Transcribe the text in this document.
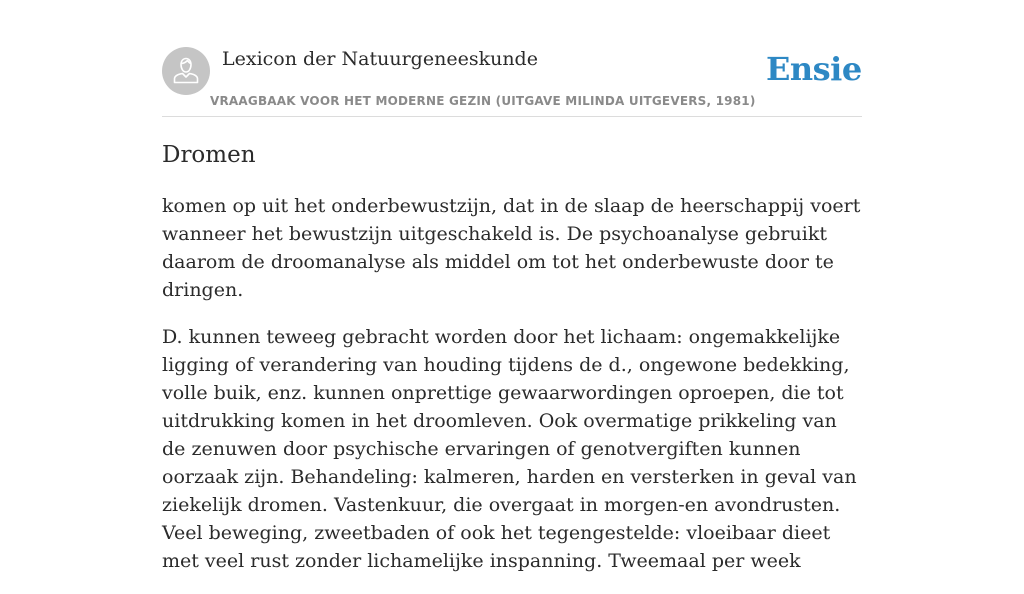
Lexicon der Natuurgeneeskunde
VRAAGBAAK VOOR HET MODERNE GEZIN (UITGAVE MILINDA UITGEVERS, 1981)
Ensie
Dromen

komen op uit het onderbewustzijn, dat in de slaap de heerschappij voert wanneer het bewustzijn uitgeschakeld is. De psychoanalyse gebruikt daarom de droomanalyse als middel om tot het onderbewuste door te dringen.

D. kunnen teweeg gebracht worden door het lichaam: ongemakkelijke ligging of verandering van houding tijdens de d., ongewone bedekking, volle buik, enz. kunnen onprettige gewaarwordingen oproepen, die tot uitdrukking komen in het droomleven. Ook overmatige prikkeling van de zenuwen door psychische ervaringen of genotvergiften kunnen oorzaak zijn. Behandeling: kalmeren, harden en versterken in geval van ziekelijk dromen. Vastenkuur, die overgaat in morgen-en avondrusten. Veel beweging, zweetbaden of ook het tegengestelde: vloeibaar dieet met veel rust zonder lichamelijke inspanning. Tweemaal per week
